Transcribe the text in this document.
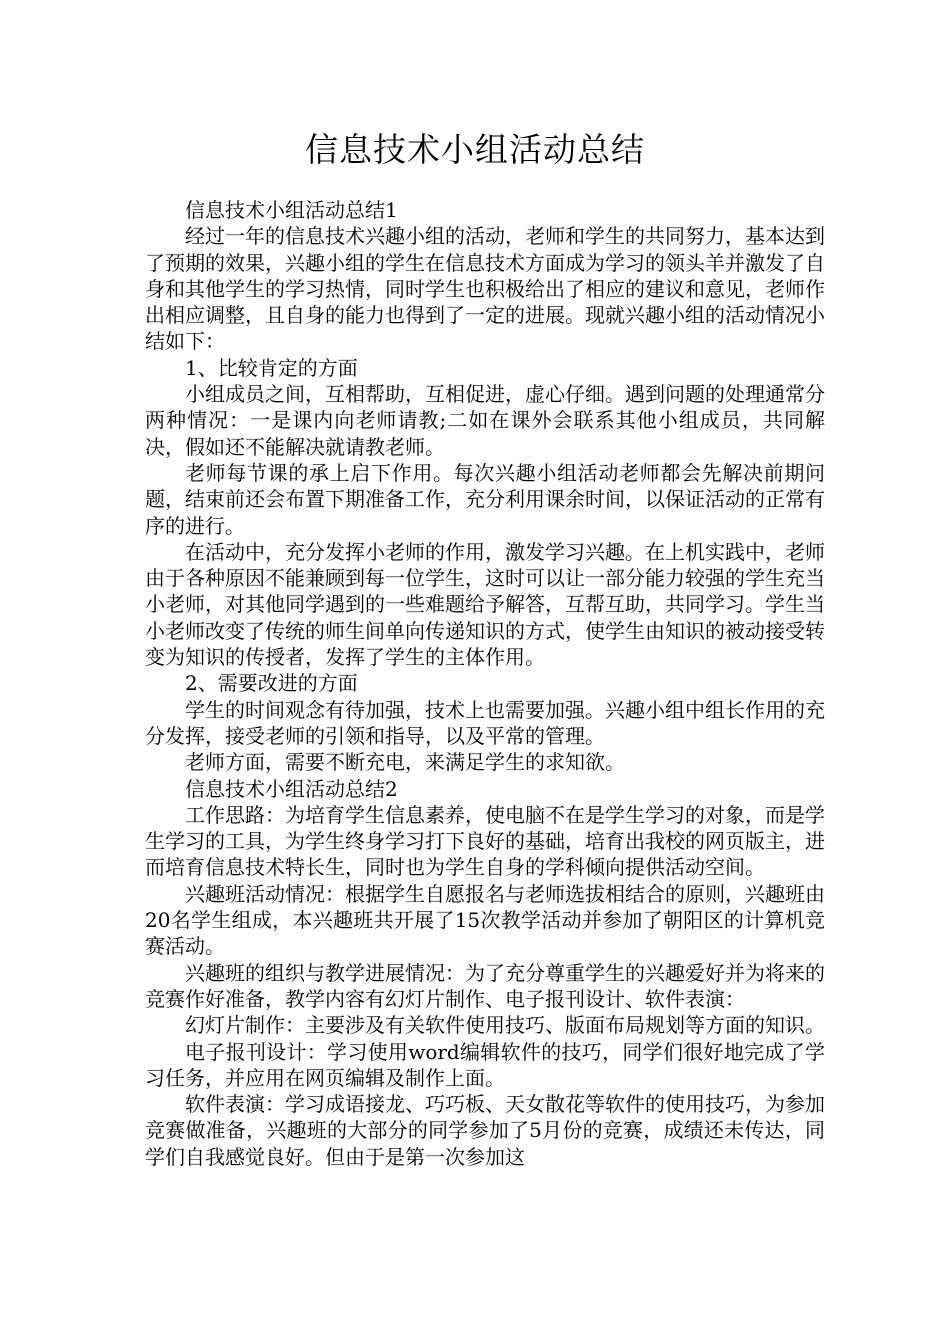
信息技术小组活动总结

信息技术小组活动总结1

经过一年的信息技术兴趣小组的活动，老师和学生的共同努力，基本达到了预期的效果，兴趣小组的学生在信息技术方面成为学习的领头羊并激发了自身和其他学生的学习热情，同时学生也积极给出了相应的建议和意见，老师作出相应调整，且自身的能力也得到了一定的进展。现就兴趣小组的活动情况小结如下：

1、比较肯定的方面

小组成员之间，互相帮助，互相促进，虚心仔细。遇到问题的处理通常分两种情况：一是课内向老师请教;二如在课外会联系其他小组成员，共同解决，假如还不能解决就请教老师。

老师每节课的承上启下作用。每次兴趣小组活动老师都会先解决前期问题，结束前还会布置下期准备工作，充分利用课余时间，以保证活动的正常有序的进行。

在活动中，充分发挥小老师的作用，激发学习兴趣。在上机实践中，老师由于各种原因不能兼顾到每一位学生，这时可以让一部分能力较强的学生充当小老师，对其他同学遇到的一些难题给予解答，互帮互助，共同学习。学生当小老师改变了传统的师生间单向传递知识的方式，使学生由知识的被动接受转变为知识的传授者，发挥了学生的主体作用。

2、需要改进的方面

学生的时间观念有待加强，技术上也需要加强。兴趣小组中组长作用的充分发挥，接受老师的引领和指导，以及平常的管理。

老师方面，需要不断充电，来满足学生的求知欲。

信息技术小组活动总结2

工作思路：为培育学生信息素养，使电脑不在是学生学习的对象，而是学生学习的工具，为学生终身学习打下良好的基础，培育出我校的网页版主，进而培育信息技术特长生，同时也为学生自身的学科倾向提供活动空间。

兴趣班活动情况：根据学生自愿报名与老师选拔相结合的原则，兴趣班由20名学生组成，本兴趣班共开展了15次教学活动并参加了朝阳区的计算机竞赛活动。

兴趣班的组织与教学进展情况：为了充分尊重学生的兴趣爱好并为将来的竞赛作好准备，教学内容有幻灯片制作、电子报刊设计、软件表演：

幻灯片制作：主要涉及有关软件使用技巧、版面布局规划等方面的知识。

电子报刊设计：学习使用word编辑软件的技巧，同学们很好地完成了学习任务，并应用在网页编辑及制作上面。

软件表演：学习成语接龙、巧巧板、天女散花等软件的使用技巧，为参加竞赛做准备，兴趣班的大部分的同学参加了5月份的竞赛，成绩还未传达，同学们自我感觉良好。但由于是第一次参加这
